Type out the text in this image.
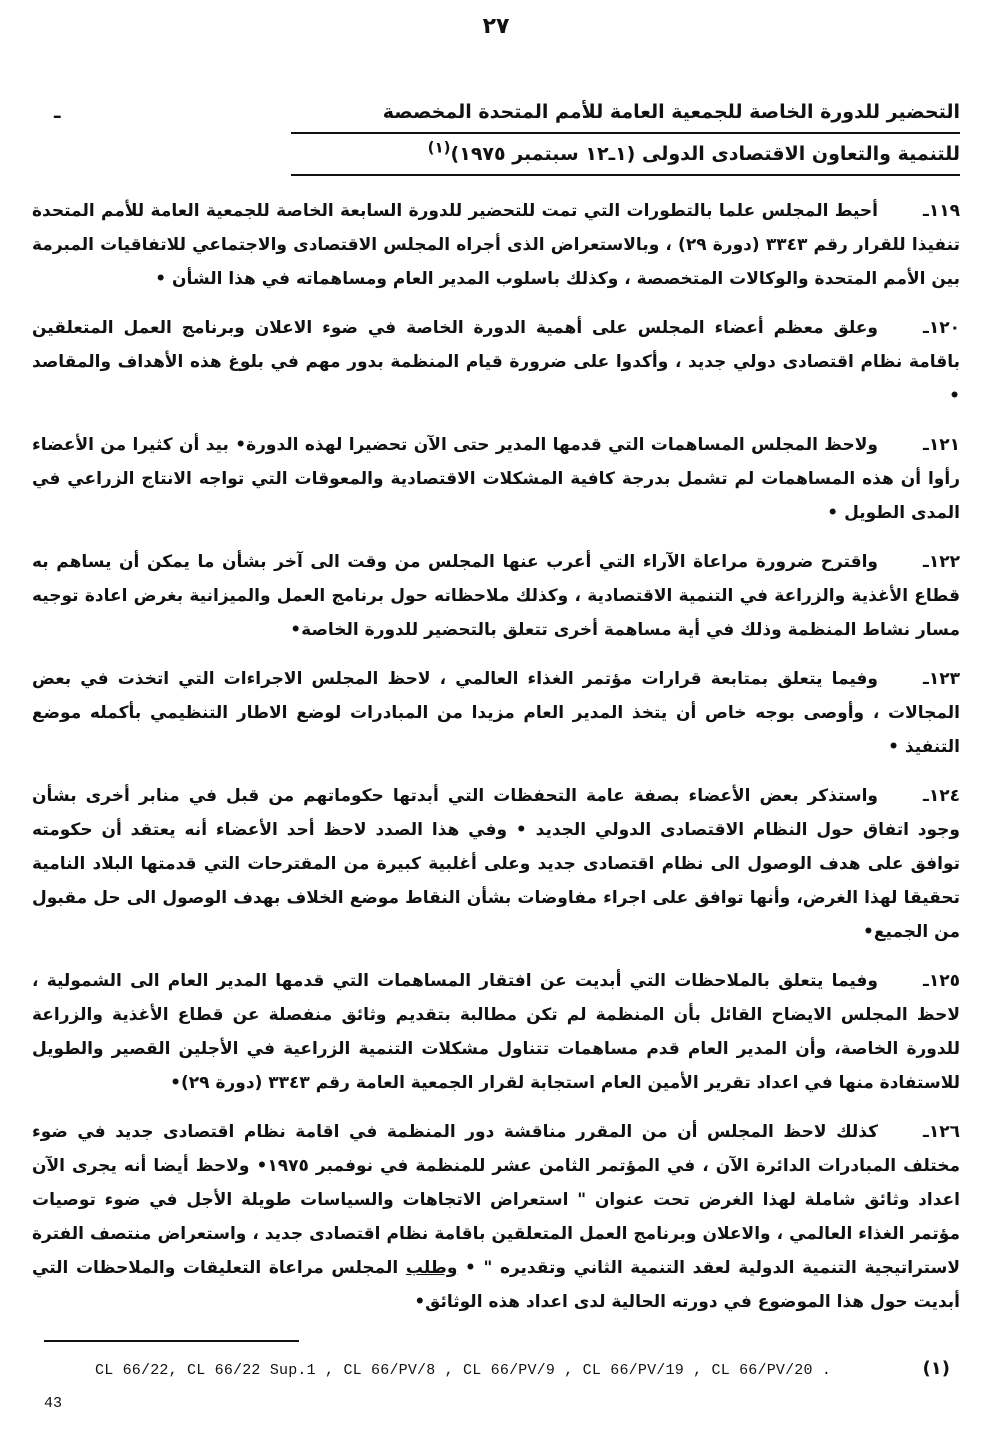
٢٧
ـ	التحضير للدورة الخاصة للجمعية العامة للأمم المتحدة المخصصة
للتنمية والتعاون الاقتصادى الدولى (١ـ١٢ سبتمبر ١٩٧٥)$^{(١)}$

١١٩ـأحيط المجلس علما بالتطورات التي تمت للتحضير للدورة السابعة الخاصة للجمعية العامة للأمم المتحدة تنفيذا للقرار رقم ٣٣٤٣ (دورة ٢٩) ، وبالاستعراض الذى أجراه المجلس الاقتصادى والاجتماعي للاتفاقيات المبرمة بين الأمم المتحدة والوكالات المتخصصة ، وكذلك باسلوب المدير العام ومساهماته في هذا الشأن •

١٢٠ـوعلق معظم أعضاء المجلس على أهمية الدورة الخاصة في ضوء الاعلان وبرنامج العمل المتعلقين باقامة نظام اقتصادى دولي جديد ، وأكدوا على ضرورة قيام المنظمة بدور مهم في بلوغ هذه الأهداف والمقاصد •

١٢١ـولاحظ المجلس المساهمات التي قدمها المدير حتى الآن تحضيرا لهذه الدورة• بيد أن كثيرا من الأعضاء رأوا أن هذه المساهمات لم تشمل بدرجة كافية المشكلات الاقتصادية والمعوقات التي تواجه الانتاج الزراعي في المدى الطويل •

١٢٢ـواقترح ضرورة مراعاة الآراء التي أعرب عنها المجلس من وقت الى آخر بشأن ما يمكن أن يساهم به قطاع الأغذية والزراعة في التنمية الاقتصادية ، وكذلك ملاحظاته حول برنامج العمل والميزانية بغرض اعادة توجيه مسار نشاط المنظمة وذلك في أية مساهمة أخرى تتعلق بالتحضير للدورة الخاصة•

١٢٣ـوفيما يتعلق بمتابعة قرارات مؤتمر الغذاء العالمي ، لاحظ المجلس الاجراءات التي اتخذت في بعض المجالات ، وأوصى بوجه خاص أن يتخذ المدير العام مزيدا من المبادرات لوضع الاطار التنظيمي بأكمله موضع التنفيذ •

١٢٤ـواستذكر بعض الأعضاء بصفة عامة التحفظات التي أبدتها حكوماتهم من قبل في منابر أخرى بشأن وجود اتفاق حول النظام الاقتصادى الدولي الجديد • وفي هذا الصدد لاحظ أحد الأعضاء أنه يعتقد أن حكومته توافق على هدف الوصول الى نظام اقتصادى جديد وعلى أغلبية كبيرة من المقترحات التي قدمتها البلاد النامية تحقيقا لهذا الغرض، وأنها توافق على اجراء مفاوضات بشأن النقاط موضع الخلاف بهدف الوصول الى حل مقبول من الجميع•

١٢٥ـوفيما يتعلق بالملاحظات التي أبديت عن افتقار المساهمات التي قدمها المدير العام الى الشمولية ، لاحظ المجلس الايضاح القائل بأن المنظمة لم تكن مطالبة بتقديم وثائق منفصلة عن قطاع الأغذية والزراعة للدورة الخاصة، وأن المدير العام قدم مساهمات تتناول مشكلات التنمية الزراعية في الأجلين القصير والطويل للاستفادة منها في اعداد تقرير الأمين العام استجابة لقرار الجمعية العامة رقم ٣٣٤٣ (دورة ٢٩)•

١٢٦ـكذلك لاحظ المجلس أن من المقرر مناقشة دور المنظمة في اقامة نظام اقتصادى جديد في ضوء مختلف المبادرات الدائرة الآن ، في المؤتمر الثامن عشر للمنظمة في نوفمبر ١٩٧٥• ولاحظ أيضا أنه يجرى الآن اعداد وثائق شاملة لهذا الغرض تحت عنوان " استعراض الاتجاهات والسياسات طويلة الأجل في ضوء توصيات مؤتمر الغذاء العالمي ، والاعلان وبرنامج العمل المتعلقين باقامة نظام اقتصادى جديد ، واستعراض منتصف الفترة لاستراتيجية التنمية الدولية لعقد التنمية الثاني وتقديره " • وطلب المجلس مراعاة التعليقات والملاحظات التي أبديت حول هذا الموضوع في دورته الحالية لدى اعداد هذه الوثائق•

CL 66/22, CL 66/22 Sup.1 , CL 66/PV/8 , CL 66/PV/9 , CL 66/PV/19 , CL 66/PV/20 .	(١)
43
